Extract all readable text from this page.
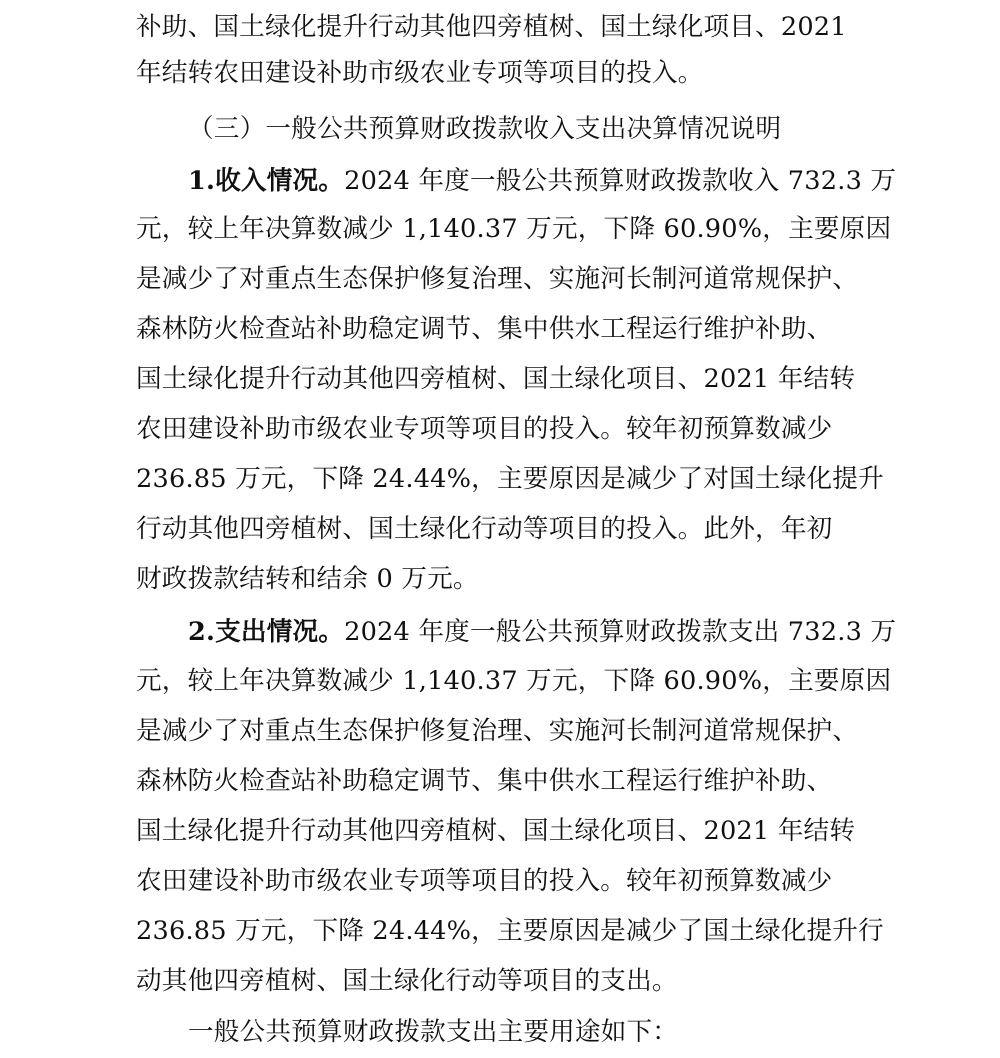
补助、国土绿化提升行动其他四旁植树、国土绿化项目、2021
年结转农田建设补助市级农业专项等项目的投入。
（三）一般公共预算财政拨款收入支出决算情况说明
1.收入情况。2024 年度一般公共预算财政拨款收入 732.3 万
元，较上年决算数减少 1,140.37 万元，下降 60.90%，主要原因
是减少了对重点生态保护修复治理、实施河长制河道常规保护、
森林防火检查站补助稳定调节、集中供水工程运行维护补助、
国土绿化提升行动其他四旁植树、国土绿化项目、2021 年结转
农田建设补助市级农业专项等项目的投入。较年初预算数减少
236.85 万元，下降 24.44%，主要原因是减少了对国土绿化提升
行动其他四旁植树、国土绿化行动等项目的投入。此外，年初
财政拨款结转和结余 0 万元。
2.支出情况。2024 年度一般公共预算财政拨款支出 732.3 万
元，较上年决算数减少 1,140.37 万元，下降 60.90%，主要原因
是减少了对重点生态保护修复治理、实施河长制河道常规保护、
森林防火检查站补助稳定调节、集中供水工程运行维护补助、
国土绿化提升行动其他四旁植树、国土绿化项目、2021 年结转
农田建设补助市级农业专项等项目的投入。较年初预算数减少
236.85 万元，下降 24.44%，主要原因是减少了国土绿化提升行
动其他四旁植树、国土绿化行动等项目的支出。
一般公共预算财政拨款支出主要用途如下：
